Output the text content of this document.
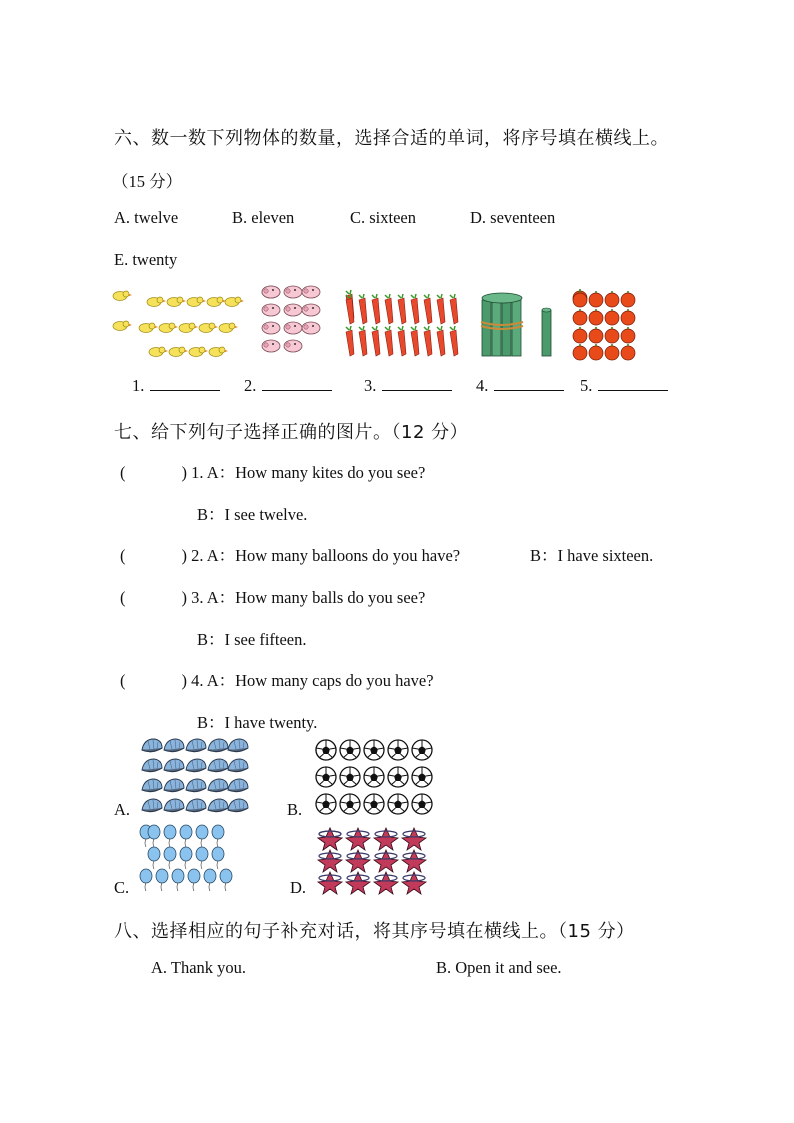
六、数一数下列物体的数量，选择合适的单词，将序号填在横线上。
（15 分）
A. twelve	B. eleven	C. sixteen	D. seventeen
E. twenty
1.	2.	3.	4.	5.
七、给下列句子选择正确的图片。（12 分）
(	) 1. A：How many kites do you see?
B：I see twelve.
(	) 2. A：How many balloons do you have?	B：I have sixteen.
(	) 3. A：How many balls do you see?
B：I see fifteen.
(	) 4. A：How many caps do you have?
B：I have twenty.
A.	B.
C.	D.
八、选择相应的句子补充对话，将其序号填在横线上。（15 分）
A. Thank you.	B. Open it and see.
